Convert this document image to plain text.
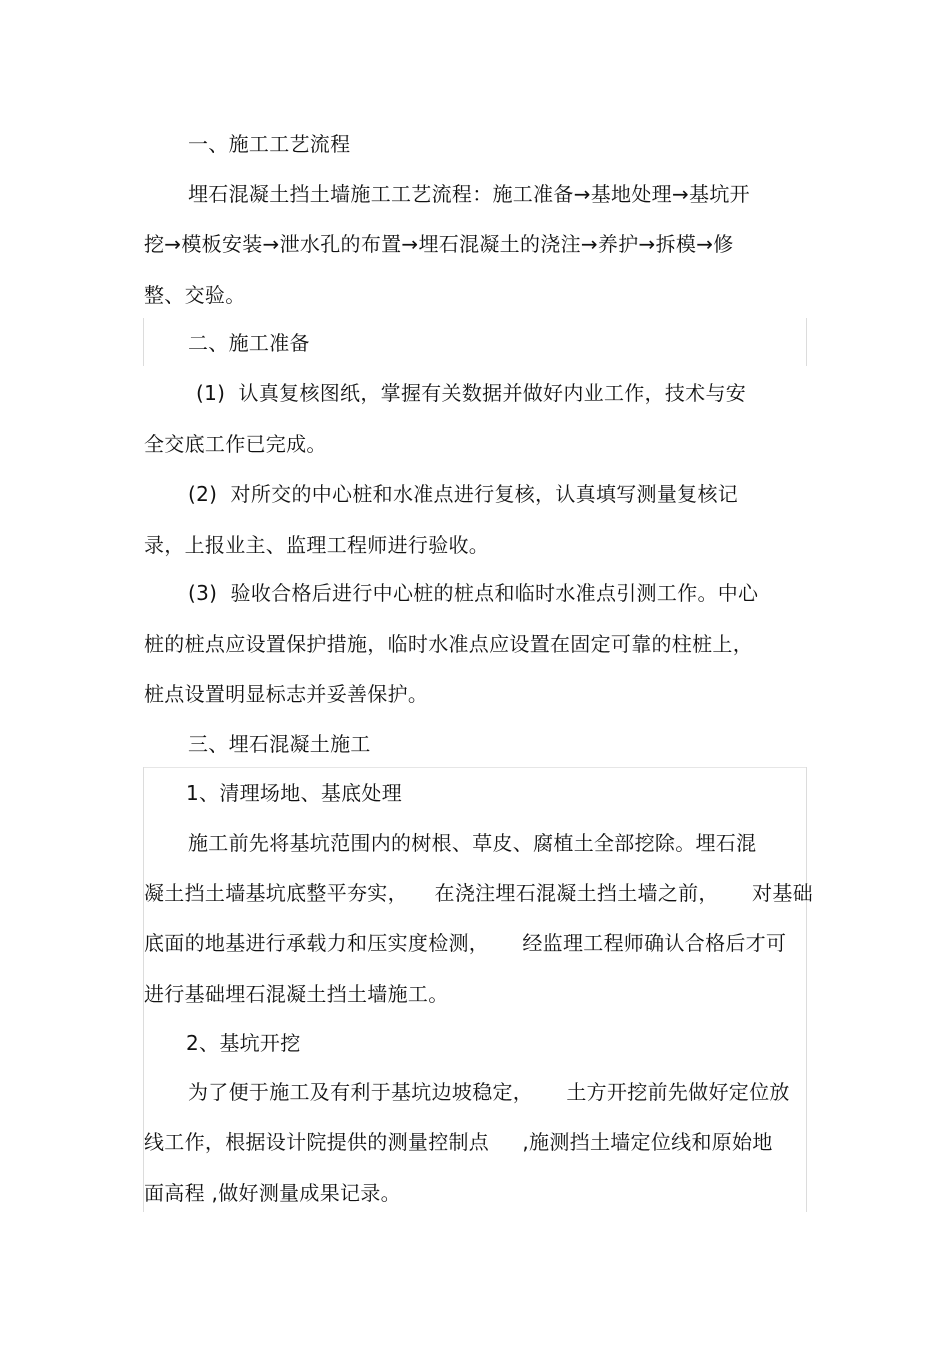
一、施工工艺流程
埋石混凝土挡土墙施工工艺流程：施工准备→基地处理→基坑开
挖→模板安装→泄水孔的布置→埋石混凝土的浇注→养护→拆模→修
整、交验。
二、施工准备
(1)  认真复核图纸，掌握有关数据并做好内业工作，技术与安
全交底工作已完成。
(2)  对所交的中心桩和水准点进行复核，认真填写测量复核记
录，上报业主、监理工程师进行验收。
(3)  验收合格后进行中心桩的桩点和临时水准点引测工作。中心
桩的桩点应设置保护措施，临时水准点应设置在固定可靠的柱桩上，
桩点设置明显标志并妥善保护。
三、埋石混凝土施工
1、清理场地、基底处理
施工前先将基坑范围内的树根、草皮、腐植土全部挖除。埋石混
凝土挡土墙基坑底整平夯实，    在浇注埋石混凝土挡土墙之前，     对基础
底面的地基进行承载力和压实度检测，     经监理工程师确认合格后才可
进行基础埋石混凝土挡土墙施工。
2、基坑开挖
为了便于施工及有利于基坑边坡稳定，     土方开挖前先做好定位放
线工作，根据设计院提供的测量控制点     ,施测挡土墙定位线和原始地
面高程 ,做好测量成果记录。
